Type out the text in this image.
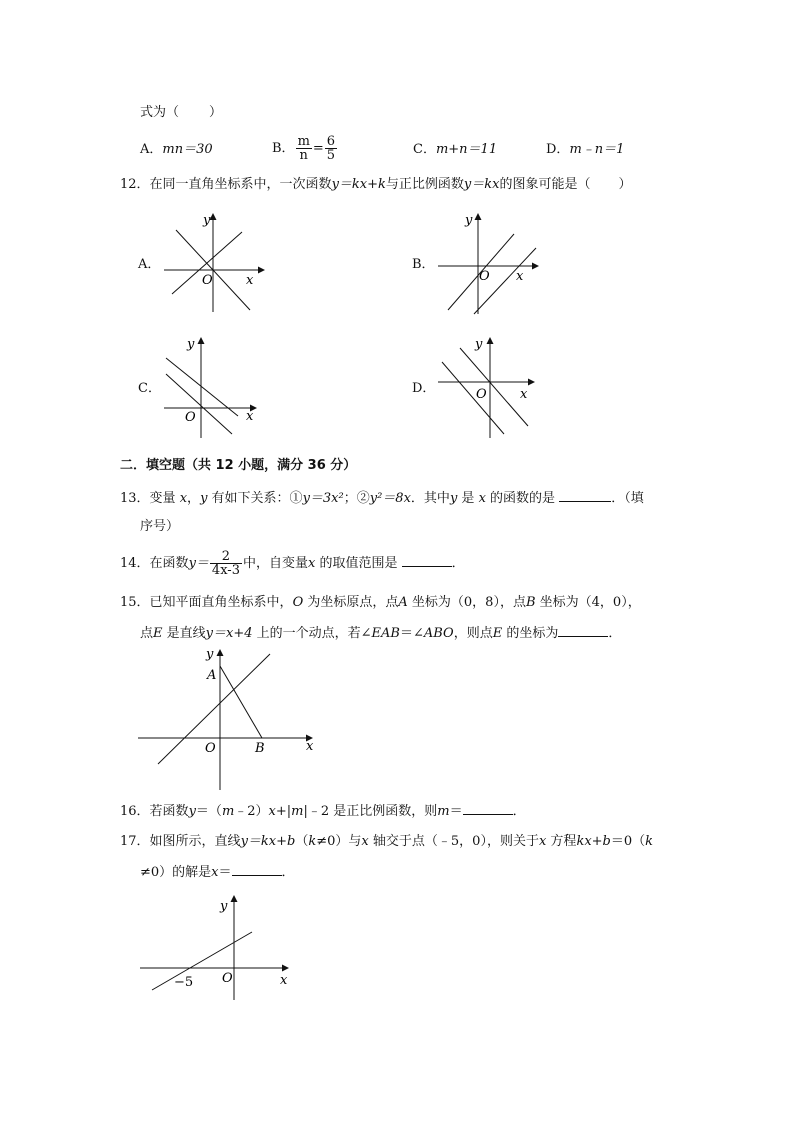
式为（ ）
A．mn＝30	B． $\frac{m}{n} = \frac{6}{5}$	C．m+n＝11	D．m﹣n＝1
12．在同一直角坐标系中，一次函数y＝kx+k与正比例函数y＝kx的图象可能是（ ）
A．
y
x
O
B．
y
x
O
C．
y
x
O
D．
y
x
O
二．填空题（共 12 小题，满分 36 分）
13．变量 x，y 有如下关系：①y＝3x²；②y²＝8x．其中y 是 x 的函数的是	．（填
序号）
14．在函数$y= \frac{2}{4x-3}$ 中，自变量x 的取值范围是	．
15．已知平面直角坐标系中，O 为坐标原点，点A 坐标为（0，8），点B 坐标为（4，0），
点E 是直线y＝x+4 上的一个动点，若∠EAB＝∠ABO，则点E 的坐标为	．
y
A
O	B	x
16．若函数y＝（m﹣2）x+|m|﹣2 是正比例函数，则m＝	．
17．如图所示，直线y＝kx+b（k≠0）与x 轴交于点（﹣5，0），则关于x 方程kx+b＝0（k
≠0）的解是x＝	．
y
O
−5	x
